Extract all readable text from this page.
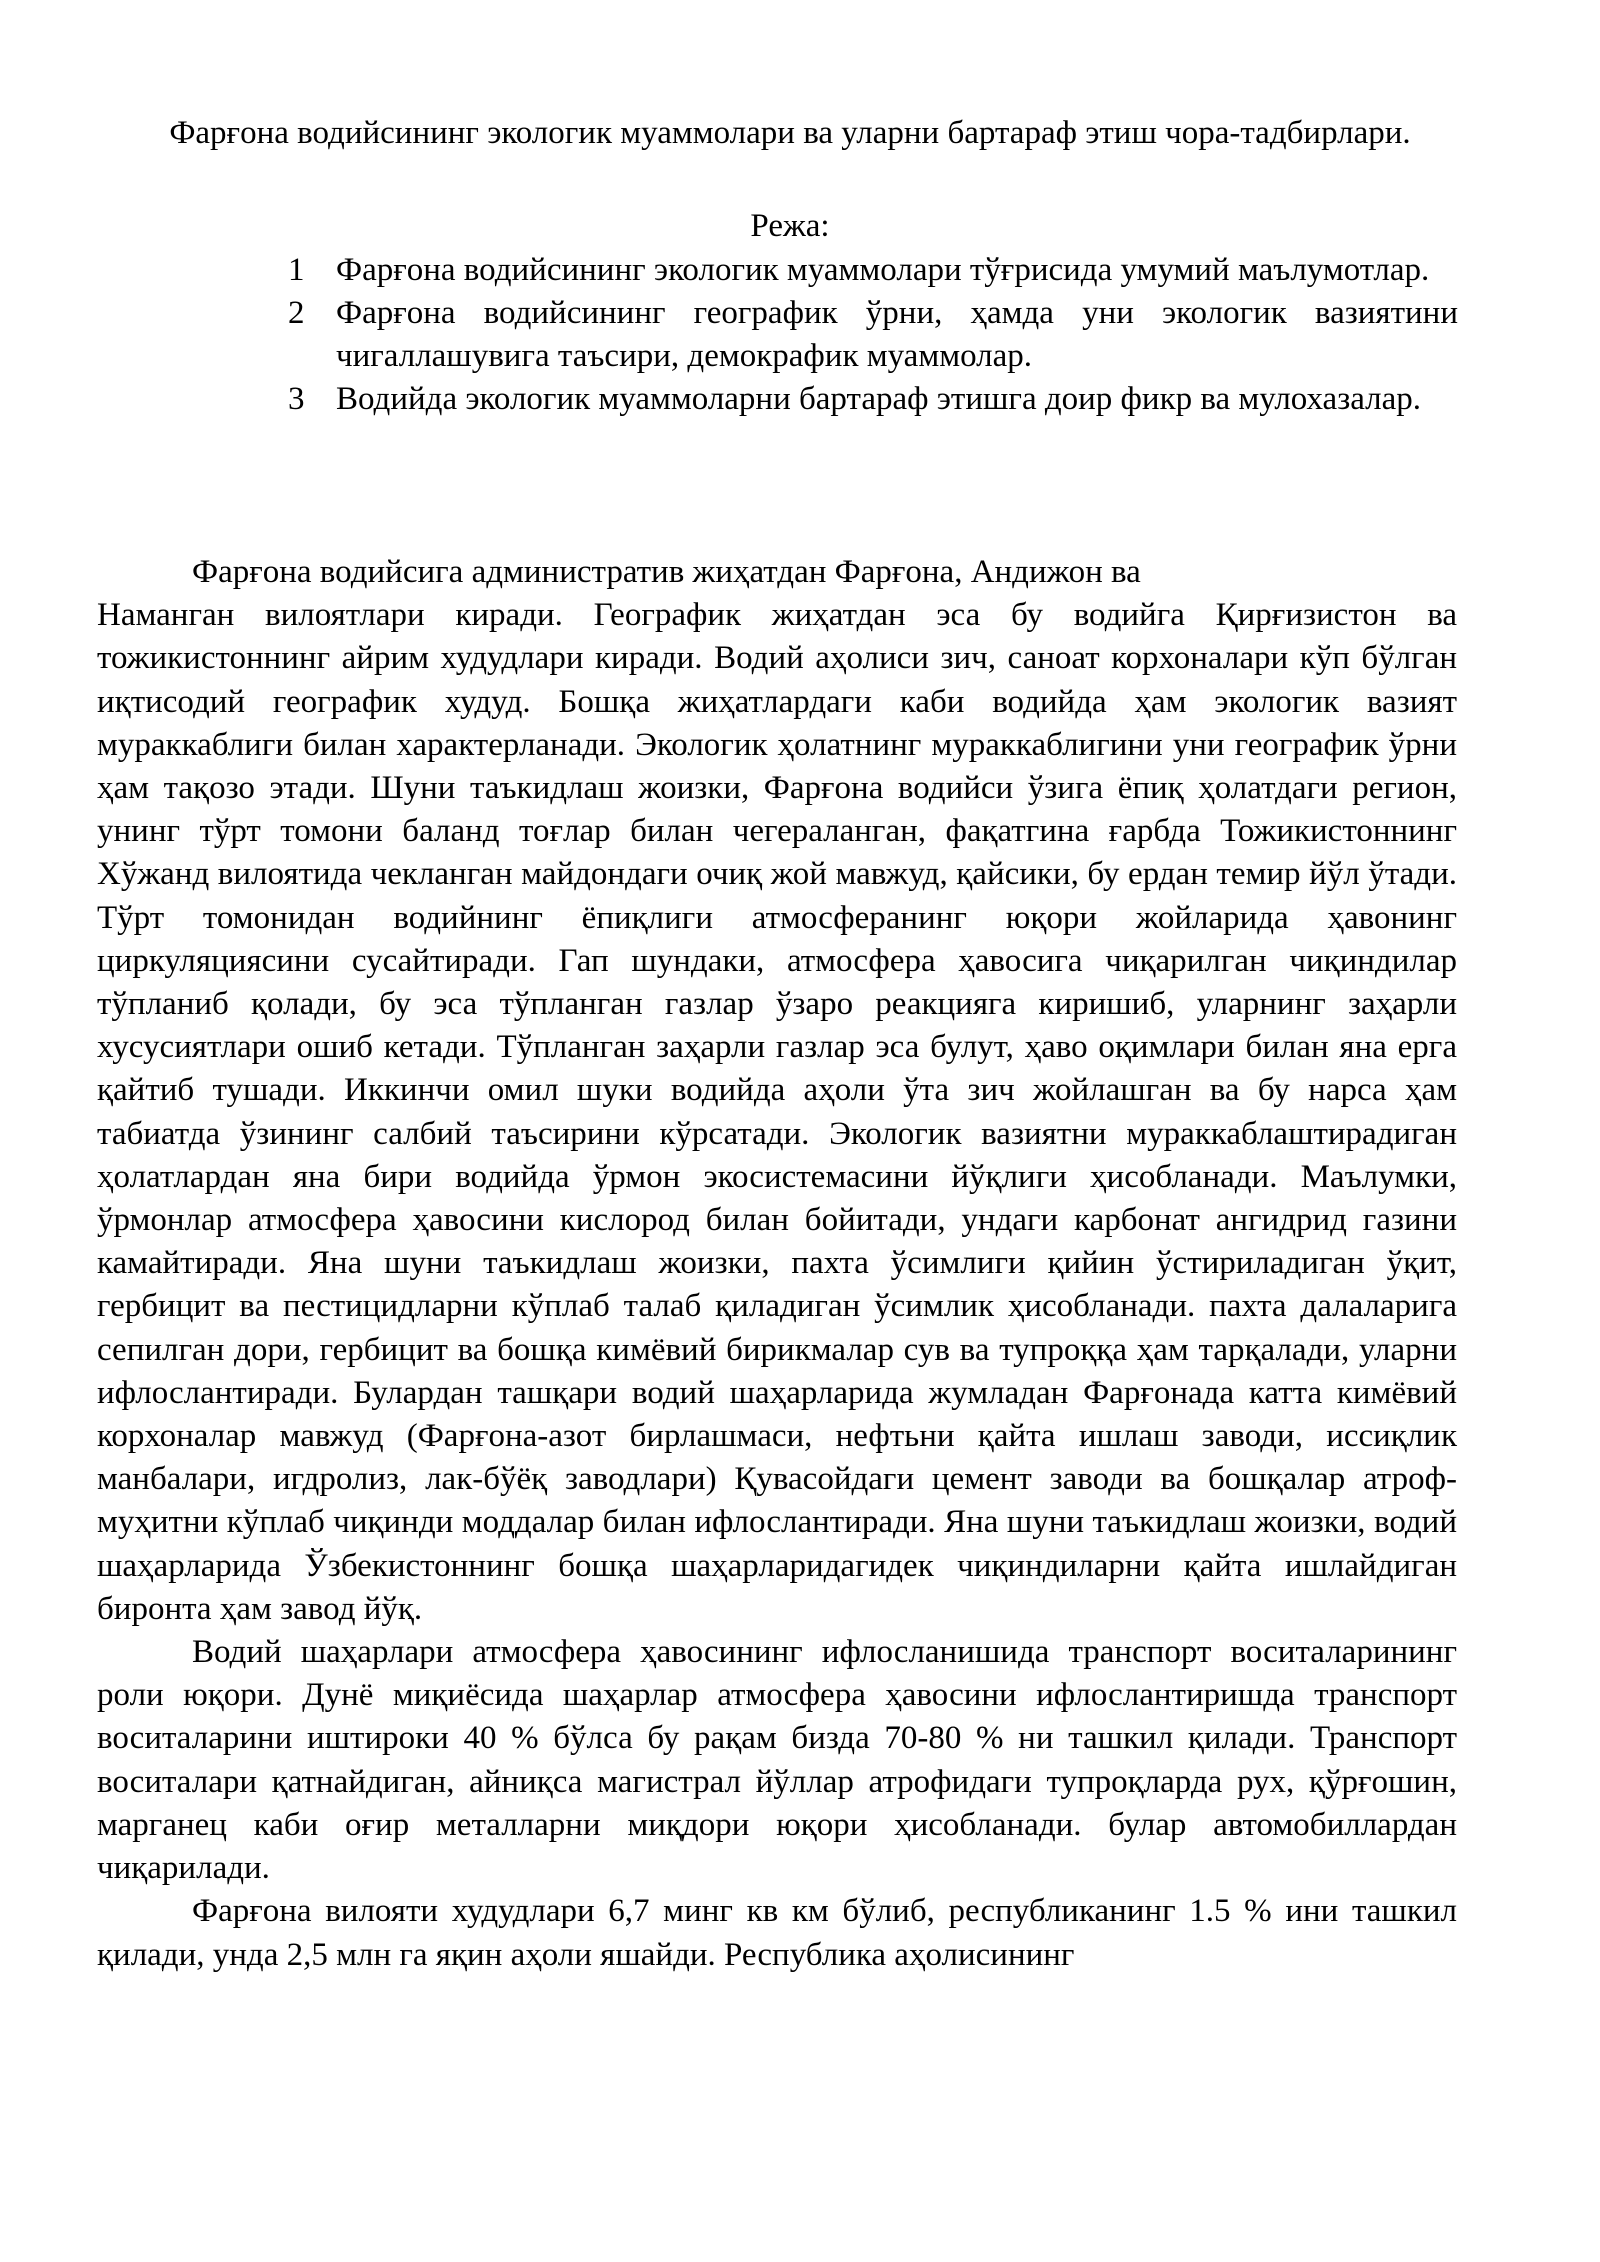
Фарғона водийсининг экологик муаммолари ва уларни бартараф этиш чора-тадбирлари.
Режа:
1 Фарғона водийсининг экологик муаммолари тўғрисида умумий маълумотлар.
2 Фарғона водийсининг географик ўрни, ҳамда уни экологик вазиятини чигаллашувига таъсири, демокрафик муаммолар.
3 Водийда экологик муаммоларни бартараф этишга доир фикр ва мулохазалар.

Фарғона водийсига административ жиҳатдан Фарғона, Андижон ва

Наманган вилоятлари киради. Географик жиҳатдан эса бу водийга Қирғизистон ва тожикистоннинг айрим худудлари киради. Водий аҳолиси зич, саноат корхоналари кўп бўлган иқтисодий географик худуд. Бошқа жиҳатлардаги каби водийда ҳам экологик вазият мураккаблиги билан характерланади. Экологик ҳолатнинг мураккаблигини уни географик ўрни ҳам тақозо этади. Шуни таъкидлаш жоизки, Фарғона водийси ўзига ёпиқ ҳолатдаги регион, унинг тўрт томони баланд тоғлар билан чегераланган, фақатгина ғарбда Тожикистоннинг Хўжанд вилоятида чекланган майдондаги очиқ жой мавжуд, қайсики, бу ердан темир йўл ўтади. Тўрт томонидан водийнинг ёпиқлиги атмосферанинг юқори жойларида ҳавонинг циркуляциясини сусайтиради. Гап шундаки, атмосфера ҳавосига чиқарилган чиқиндилар тўпланиб қолади, бу эса тўпланган газлар ўзаро реакцияга киришиб, уларнинг заҳарли хусусиятлари ошиб кетади. Тўпланган заҳарли газлар эса булут, ҳаво оқимлари билан яна ерга қайтиб тушади. Иккинчи омил шуки водийда аҳоли ўта зич жойлашган ва бу нарса ҳам табиатда ўзининг салбий таъсирини кўрсатади. Экологик вазиятни мураккаблаштирадиган ҳолатлардан яна бири водийда ўрмон экосистемасини йўқлиги ҳисобланади. Маълумки, ўрмонлар атмосфера ҳавосини кислород билан бойитади, ундаги карбонат ангидрид газини камайтиради. Яна шуни таъкидлаш жоизки, пахта ўсимлиги қийин ўстириладиган ўқит, гербицит ва пестицидларни кўплаб талаб қиладиган ўсимлик ҳисобланади. пахта далаларига сепилган дори, гербицит ва бошқа кимёвий бирикмалар сув ва тупроққа ҳам тарқалади, уларни ифлослантиради. Булардан ташқари водий шаҳарларида жумладан Фарғонада катта кимёвий корхоналар мавжуд (Фарғона-азот бирлашмаси, нефтьни қайта ишлаш заводи, иссиқлик манбалари, игдролиз, лак-бўёқ заводлари) Қувасойдаги цемент заводи ва бошқалар атроф-муҳитни кўплаб чиқинди моддалар билан ифлослантиради. Яна шуни таъкидлаш жоизки, водий шаҳарларида Ўзбекистоннинг бошқа шаҳарларидагидек чиқиндиларни қайта ишлайдиган биронта ҳам завод йўқ.

Водий шаҳарлари атмосфера ҳавосининг ифлосланишида транспорт воситаларининг роли юқори. Дунё миқиёсида шаҳарлар атмосфера ҳавосини ифлослантиришда транспорт воситаларини иштироки 40 % бўлса бу рақам бизда 70-80 % ни ташкил қилади. Транспорт воситалари қатнайдиган, айниқса магистрал йўллар атрофидаги тупроқларда рух, қўрғошин, марганец каби оғир металларни миқдори юқори ҳисобланади. булар автомобиллардан чиқарилади.

Фарғона вилояти худудлари 6,7 минг кв км бўлиб, республиканинг 1.5 % ини ташкил қилади, унда 2,5 млн га яқин аҳоли яшайди. Республика аҳолисининг
